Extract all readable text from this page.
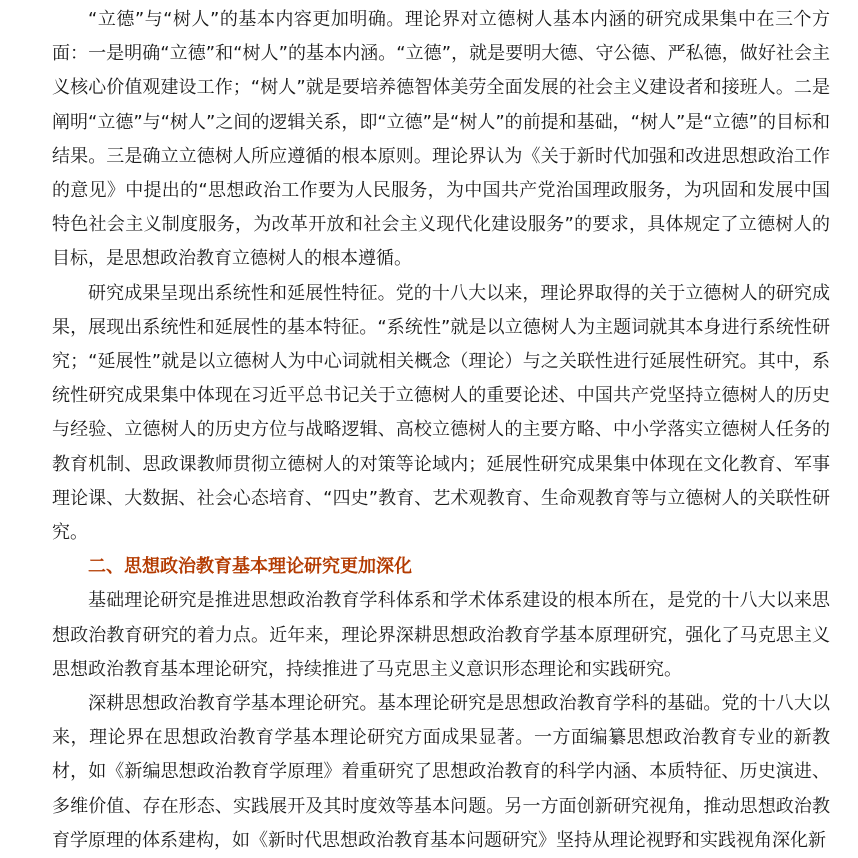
“立德”与“树人”的基本内容更加明确。理论界对立德树人基本内涵的研究成果集中在三个方面：一是明确“立德”和“树人”的基本内涵。“立德”，就是要明大德、守公德、严私德，做好社会主义核心价值观建设工作；“树人”就是要培养德智体美劳全面发展的社会主义建设者和接班人。二是阐明“立德”与“树人”之间的逻辑关系，即“立德”是“树人”的前提和基础，“树人”是“立德”的目标和结果。三是确立立德树人所应遵循的根本原则。理论界认为《关于新时代加强和改进思想政治工作的意见》中提出的“思想政治工作要为人民服务，为中国共产党治国理政服务，为巩固和发展中国特色社会主义制度服务，为改革开放和社会主义现代化建设服务”的要求，具体规定了立德树人的目标，是思想政治教育立德树人的根本遵循。

研究成果呈现出系统性和延展性特征。党的十八大以来，理论界取得的关于立德树人的研究成果，展现出系统性和延展性的基本特征。“系统性”就是以立德树人为主题词就其本身进行系统性研究；“延展性”就是以立德树人为中心词就相关概念（理论）与之关联性进行延展性研究。其中，系统性研究成果集中体现在习近平总书记关于立德树人的重要论述、中国共产党坚持立德树人的历史与经验、立德树人的历史方位与战略逻辑、高校立德树人的主要方略、中小学落实立德树人任务的教育机制、思政课教师贯彻立德树人的对策等论域内；延展性研究成果集中体现在文化教育、军事理论课、大数据、社会心态培育、“四史”教育、艺术观教育、生命观教育等与立德树人的关联性研究。

二、思想政治教育基本理论研究更加深化

基础理论研究是推进思想政治教育学科体系和学术体系建设的根本所在，是党的十八大以来思想政治教育研究的着力点。近年来，理论界深耕思想政治教育学基本原理研究，强化了马克思主义思想政治教育基本理论研究，持续推进了马克思主义意识形态理论和实践研究。

深耕思想政治教育学基本理论研究。基本理论研究是思想政治教育学科的基础。党的十八大以来，理论界在思想政治教育学基本理论研究方面成果显著。一方面编纂思想政治教育专业的新教材，如《新编思想政治教育学原理》着重研究了思想政治教育的科学内涵、本质特征、历史演进、多维价值、存在形态、实践展开及其时度效等基本问题。另一方面创新研究视角，推动思想政治教育学原理的体系建构，如《新时代思想政治教育基本问题研究》坚持从理论视野和实践视角深化新
